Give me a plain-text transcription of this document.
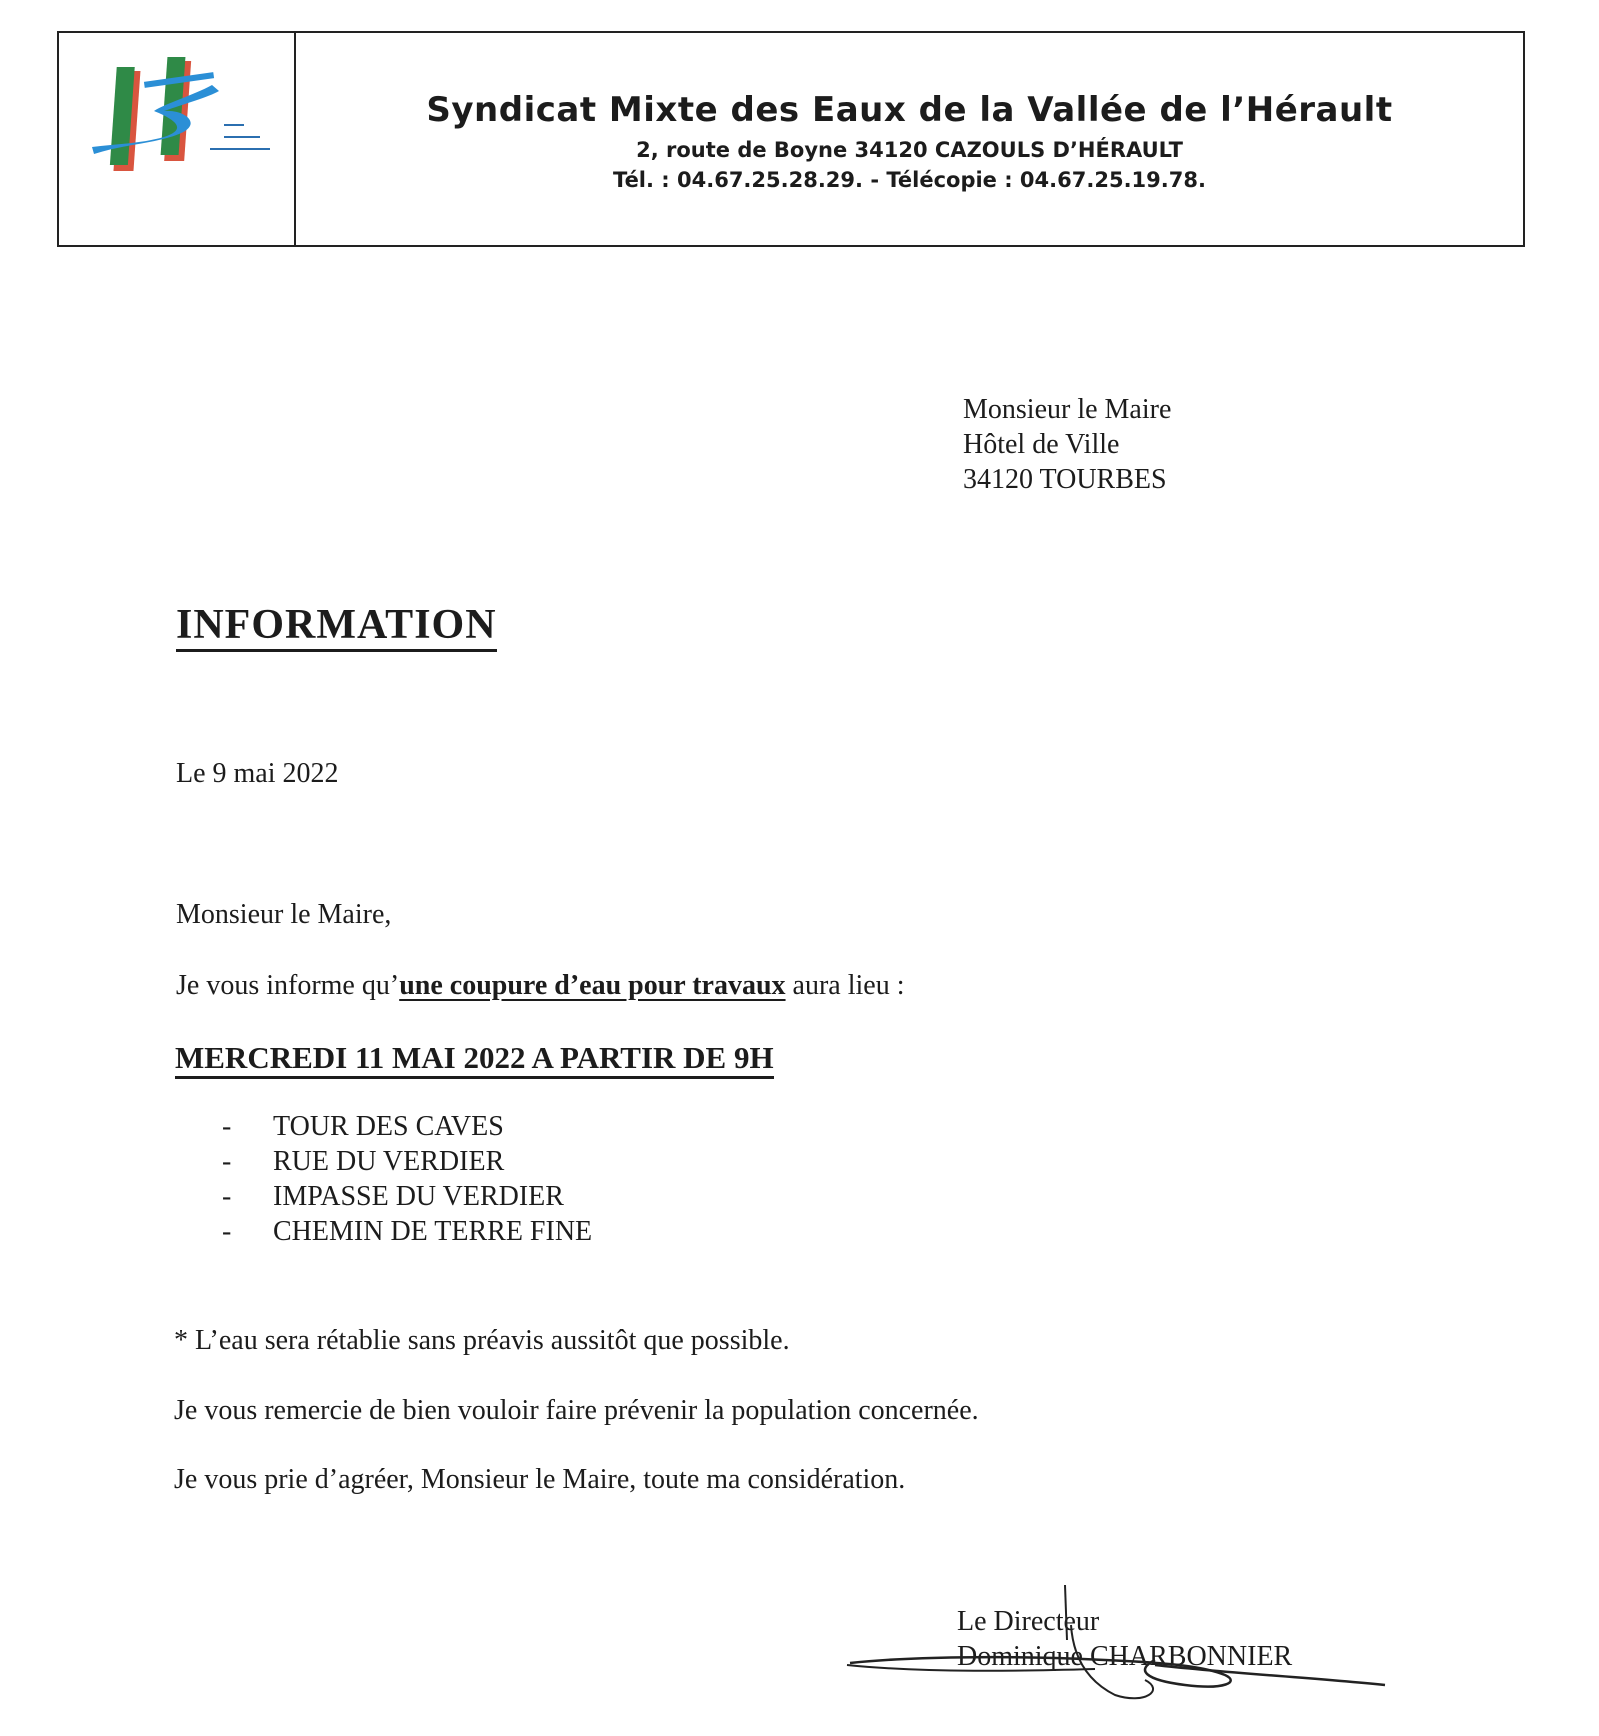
Syndicat Mixte des Eaux de la Vallée de l’Hérault
2, route de Boyne 34120 CAZOULS D’HÉRAULT
Tél. : 04.67.25.28.29. - Télécopie : 04.67.25.19.78.
Monsieur le Maire
Hôtel de Ville
34120 TOURBES
INFORMATION
Le 9 mai 2022
Monsieur le Maire,
Je vous informe qu’une coupure d’eau pour travaux aura lieu :
MERCREDI 11 MAI 2022 A PARTIR DE 9H
- TOUR DES CAVES
- RUE DU VERDIER
- IMPASSE DU VERDIER
- CHEMIN DE TERRE FINE
* L’eau sera rétablie sans préavis aussitôt que possible.
Je vous remercie de bien vouloir faire prévenir la population concernée.
Je vous prie d’agréer, Monsieur le Maire, toute ma considération.
Le Directeur
Dominique CHARBONNIER
